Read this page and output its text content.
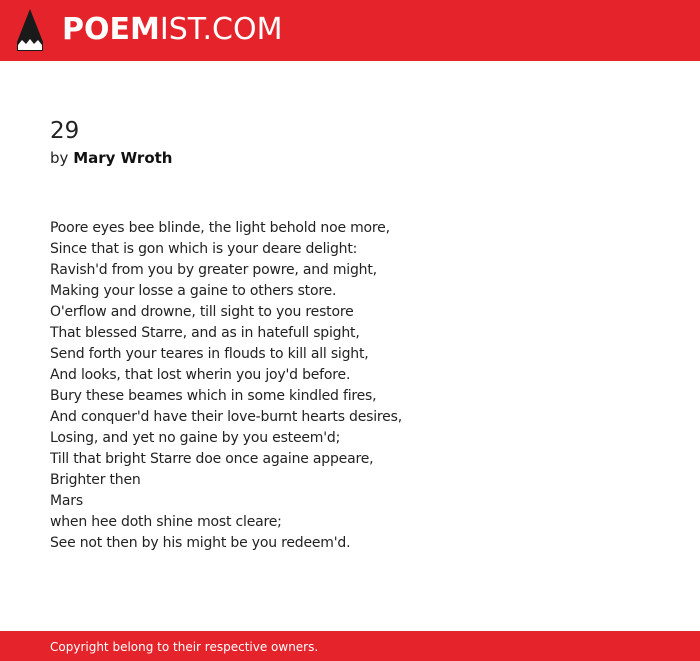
POEMIST.COM
29
by Mary Wroth
Poore eyes bee blinde, the light behold noe more,
Since that is gon which is your deare delight:
Ravish'd from you by greater powre, and might,
Making your losse a gaine to others store.
O'erflow and drowne, till sight to you restore
That blessed Starre, and as in hatefull spight,
Send forth your teares in flouds to kill all sight,
And looks, that lost wherin you joy'd before.
Bury these beames which in some kindled fires,
And conquer'd have their love-burnt hearts desires,
Losing, and yet no gaine by you esteem'd;
Till that bright Starre doe once againe appeare,
Brighter then
Mars
when hee doth shine most cleare;
See not then by his might be you redeem'd.
Copyright belong to their respective owners.
